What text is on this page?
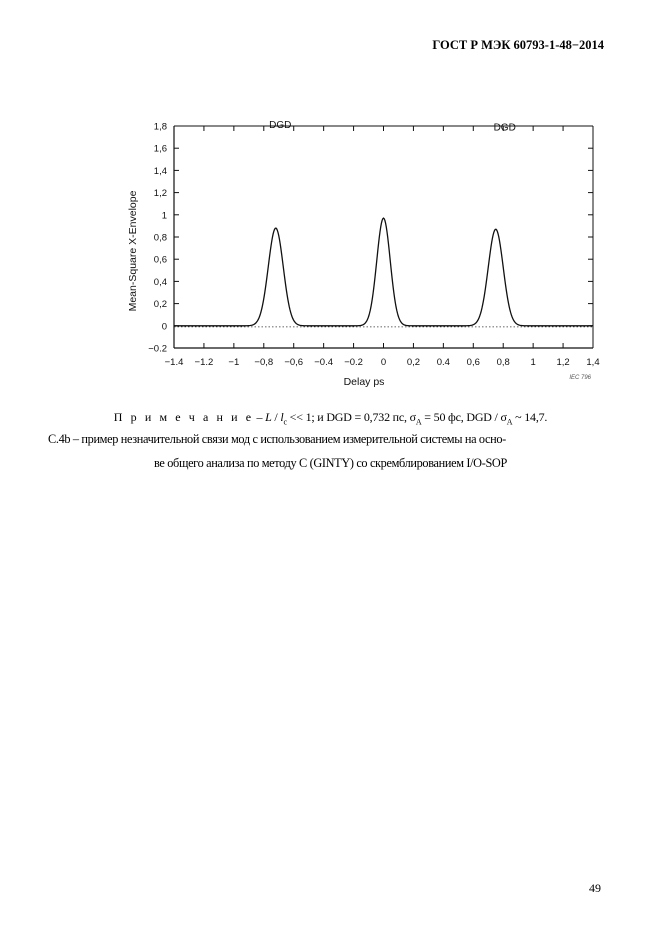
ГОСТ Р МЭК 60793-1-48−2014
−1.4 −1.2 −1 −0,8 −0,6 −0.4 −0.2 0 0,2 0.4 0,6 0,8 1 1,2 1,4
−0.2
0
0,2
0,4
0,6
0,8
1
1,2
1,4
1,6
1,8
Delay ps
Mean-Square X-Envelope
DGD	DGD
IEC 796
П р и м е ч а н и $е - L / l_c << 1$; и DGD = 0,732 пс, $\sigma_A = 50$ фс, DGD / $\sigma_A$ ~ 14,7.
С.4b – пример незначительной связи мод с использованием измерительной системы на осно-
ве общего анализа по методу С (GINTY) со скремблированием I/O-SOP
49
